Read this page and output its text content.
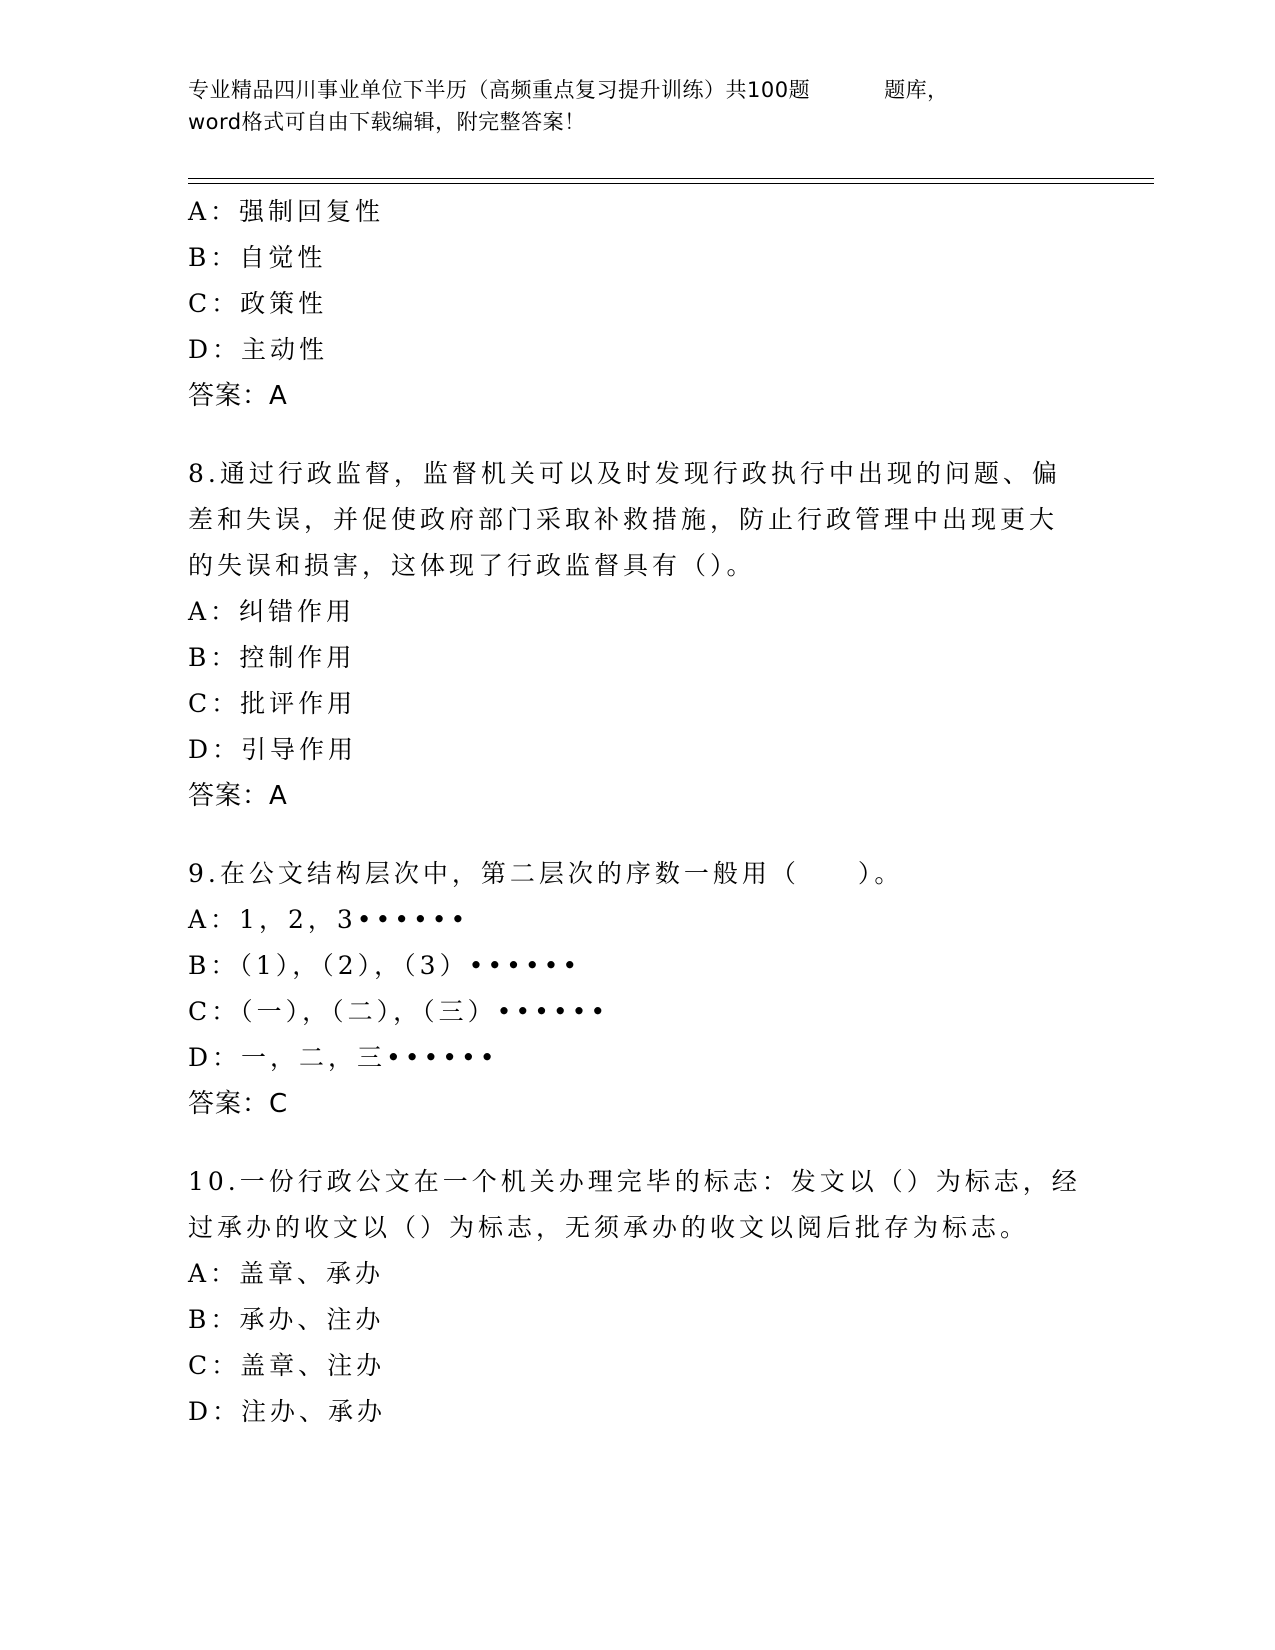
专业精品四川事业单位下半历（高频重点复习提升训练）共100题	题库，
word格式可自由下载编辑，附完整答案！
A：强制回复性
B：自觉性
C：政策性
D：主动性
答案：A
8.通过行政监督，监督机关可以及时发现行政执行中出现的问题、偏
差和失误，并促使政府部门采取补救措施，防止行政管理中出现更大
的失误和损害，这体现了行政监督具有（）。
A：纠错作用
B：控制作用
C：批评作用
D：引导作用
答案：A
9.在公文结构层次中，第二层次的序数一般用（　　）。
A：1，2，3••••••
B：（1），（2），（3）••••••
C：（一），（二），（三）••••••
D：一，二，三••••••
答案：C
10.一份行政公文在一个机关办理完毕的标志：发文以（）为标志，经
过承办的收文以（）为标志，无须承办的收文以阅后批存为标志。
A：盖章、承办
B：承办、注办
C：盖章、注办
D：注办、承办
